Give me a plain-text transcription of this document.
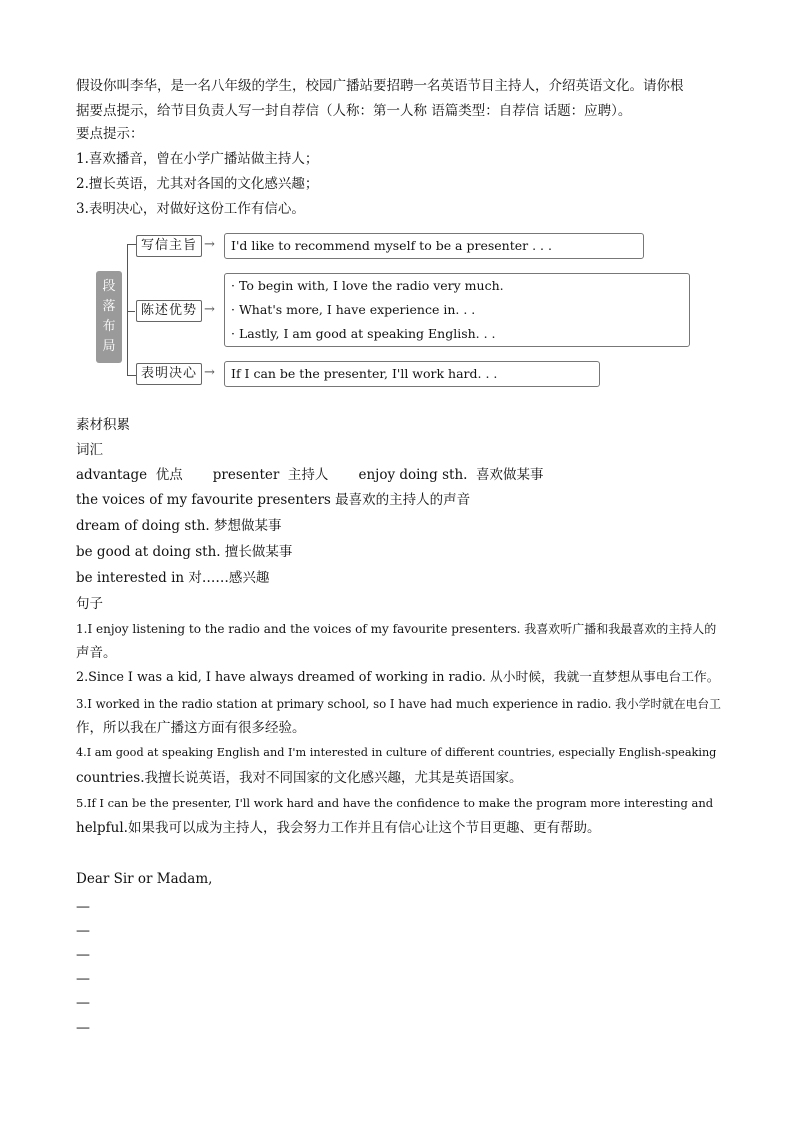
假设你叫李华，是一名八年级的学生，校园广播站要招聘一名英语节目主持人，介绍英语文化。请你根

据要点提示，给节目负责人写一封自荐信（人称：第一人称 语篇类型：自荐信 话题：应聘）。

要点提示：

1.喜欢播音，曾在小学广播站做主持人；

2.擅长英语，尤其对各国的文化感兴趣；

3.表明决心，对做好这份工作有信心。

段
落
布
局
写信主旨 → I'd like to recommend myself to be a presenter . . .
陈述优势 →
· To begin with, I love the radio very much.
· What's more, I have experience in. . .
· Lastly, I am good at speaking English. . .
表明决心 → If I can be the presenter, I'll work hard. . .

素材积累

词汇

advantage  优点       presenter  主持人       enjoy doing sth.  喜欢做某事

the voices of my favourite presenters 最喜欢的主持人的声音

dream of doing sth. 梦想做某事

be good at doing sth. 擅长做某事

be interested in 对……感兴趣

句子

1.I enjoy listening to the radio and the voices of my favourite presenters. 我喜欢听广播和我最喜欢的主持人的

声音。

2.Since I was a kid, I have always dreamed of working in radio. 从小时候，我就一直梦想从事电台工作。

3.I worked in the radio station at primary school, so I have had much experience in radio. 我小学时就在电台工

作，所以我在广播这方面有很多经验。

4.I am good at speaking English and I'm interested in culture of different countries, especially English-speaking

countries.我擅长说英语，我对不同国家的文化感兴趣，尤其是英语国家。

5.If I can be the presenter, I'll work hard and have the confidence to make the program more interesting and

helpful.如果我可以成为主持人，我会努力工作并且有信心让这个节目更趣、更有帮助。

Dear Sir or Madam,

—
—
—
—
—
—
